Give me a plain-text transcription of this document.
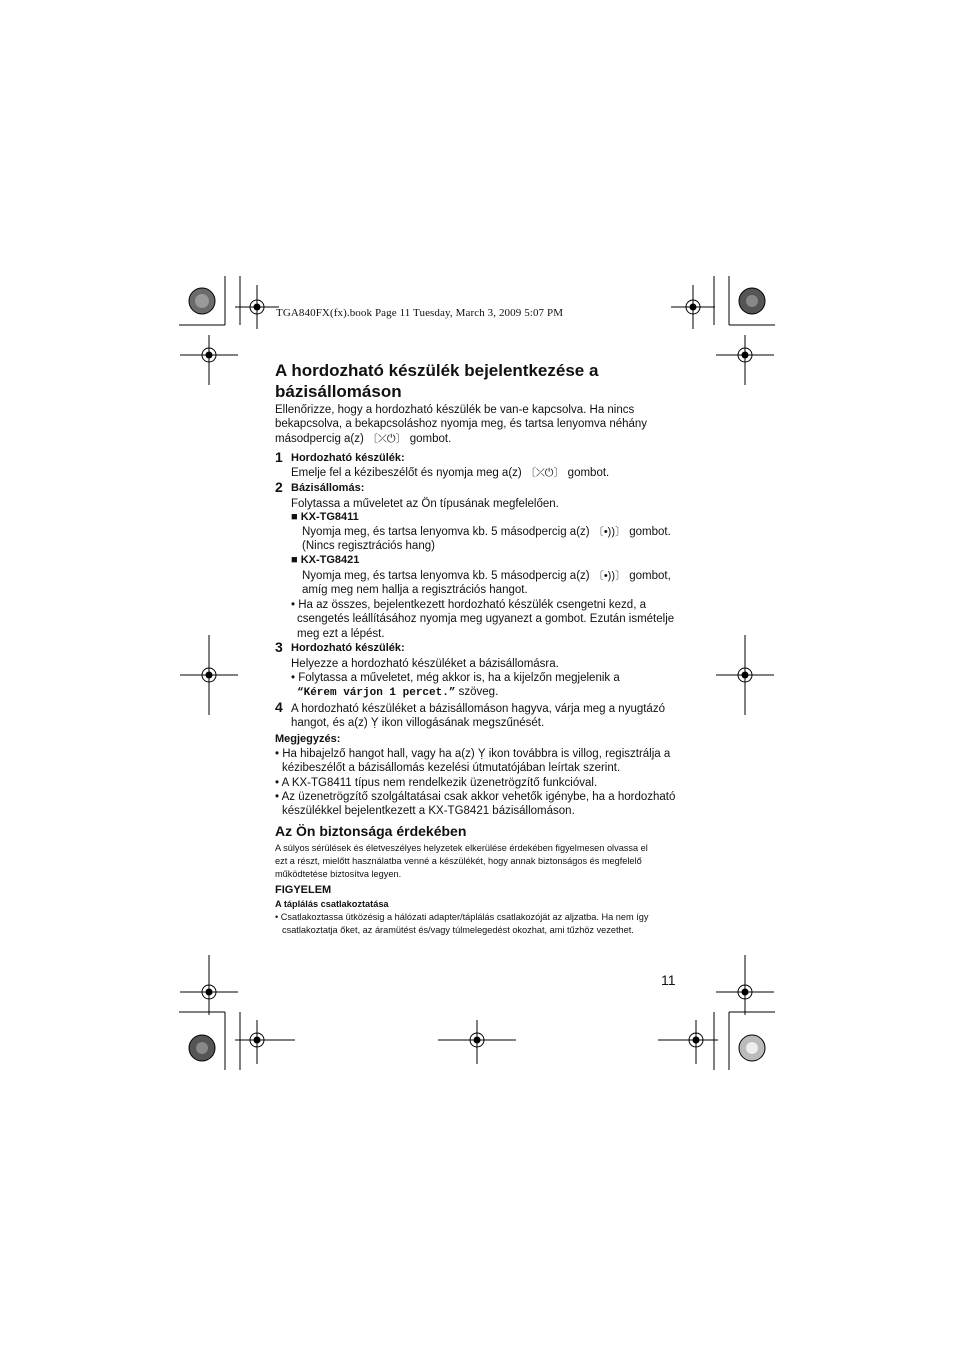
TGA840FX(fx).book Page 11 Tuesday, March 3, 2009 5:07 PM
A hordozható készülék bejelentkezése a
bázisállomáson
Ellenőrizze, hogy a hordozható készülék be van-e kapcsolva. Ha nincs
bekapcsolva, a bekapcsoláshoz nyomja meg, és tartsa lenyomva néhány
másodpercig a(z) 〔⤫⏻〕 gombot.
1 Hordozható készülék:
Emelje fel a kézibeszélőt és nyomja meg a(z) 〔⤫⏻〕 gombot.
2 Bázisállomás:
Folytassa a műveletet az Ön típusának megfelelően.
■ KX-TG8411
Nyomja meg, és tartsa lenyomva kb. 5 másodpercig a(z) 〔•))〕 gombot.
(Nincs regisztrációs hang)
■ KX-TG8421
Nyomja meg, és tartsa lenyomva kb. 5 másodpercig a(z) 〔•))〕 gombot,
amíg meg nem hallja a regisztrációs hangot.
• Ha az összes, bejelentkezett hordozható készülék csengetni kezd, a
csengetés leállításához nyomja meg ugyanezt a gombot. Ezután ismételje
meg ezt a lépést.
3 Hordozható készülék:
Helyezze a hordozható készüléket a bázisállomásra.
• Folytassa a műveletet, még akkor is, ha a kijelzőn megjelenik a
“Kérem várjon 1 percet.” szöveg.
4 A hordozható készüléket a bázisállomáson hagyva, várja meg a nyugtázó
hangot, és a(z) Ỵ ikon villogásának megszűnését.
Megjegyzés:
• Ha hibajelző hangot hall, vagy ha a(z) Ỵ ikon továbbra is villog, regisztrálja a
kézibeszélőt a bázisállomás kezelési útmutatójában leírtak szerint.
• A KX-TG8411 típus nem rendelkezik üzenetrögzítő funkcióval.
• Az üzenetrögzítő szolgáltatásai csak akkor vehetők igénybe, ha a hordozható
készülékkel bejelentkezett a KX-TG8421 bázisállomáson.
Az Ön biztonsága érdekében
A súlyos sérülések és életveszélyes helyzetek elkerülése érdekében figyelmesen olvassa el
ezt a részt, mielőtt használatba venné a készülékét, hogy annak biztonságos és megfelelő
működtetése biztosítva legyen.
FIGYELEM
A táplálás csatlakoztatása
• Csatlakoztassa ütközésig a hálózati adapter/táplálás csatlakozóját az aljzatba. Ha nem így
csatlakoztatja őket, az áramütést és/vagy túlmelegedést okozhat, ami tűzhöz vezethet.
11
